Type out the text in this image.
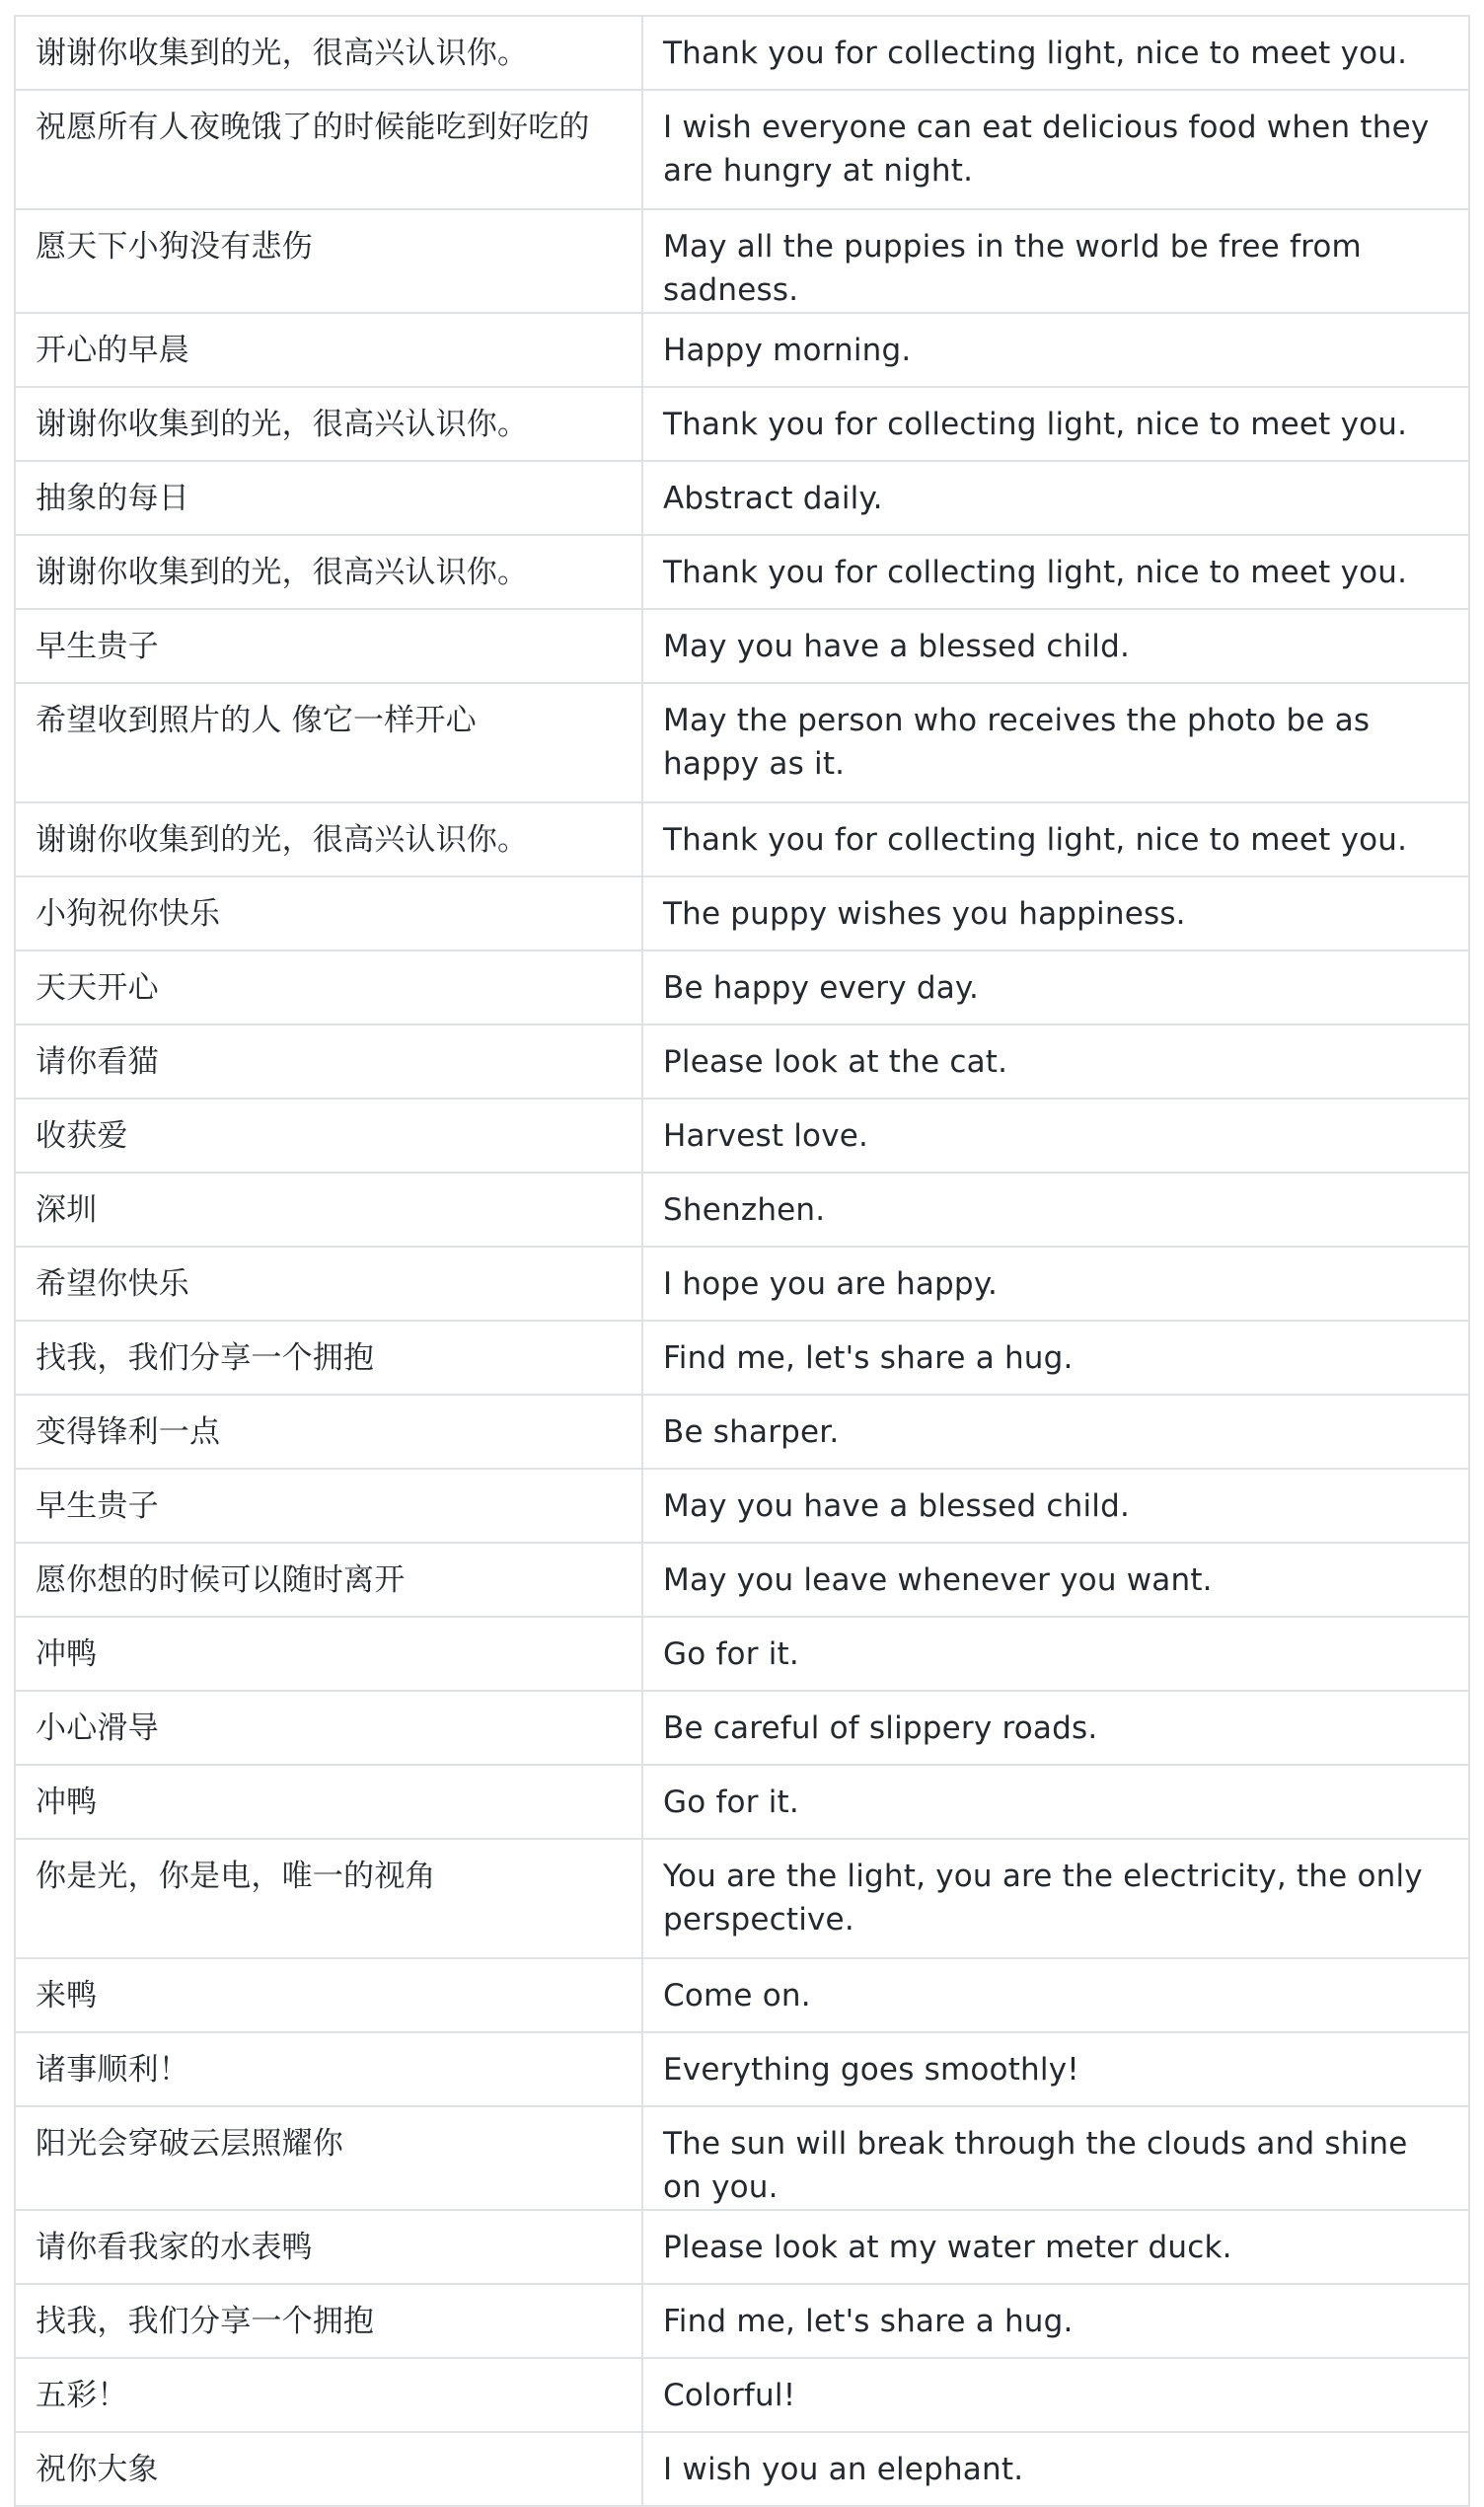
谢谢你收集到的光，很高兴认识你。	Thank you for collecting light, nice to meet you.
祝愿所有人夜晚饿了的时候能吃到好吃的	I wish everyone can eat delicious food when they are hungry at night.
愿天下小狗没有悲伤	May all the puppies in the world be free from sadness.
开心的早晨	Happy morning.
谢谢你收集到的光，很高兴认识你。	Thank you for collecting light, nice to meet you.
抽象的每日	Abstract daily.
谢谢你收集到的光，很高兴认识你。	Thank you for collecting light, nice to meet you.
早生贵子	May you have a blessed child.
希望收到照片的人 像它一样开心	May the person who receives the photo be as happy as it.
谢谢你收集到的光，很高兴认识你。	Thank you for collecting light, nice to meet you.
小狗祝你快乐	The puppy wishes you happiness.
天天开心	Be happy every day.
请你看猫	Please look at the cat.
收获爱	Harvest love.
深圳	Shenzhen.
希望你快乐	I hope you are happy.
找我，我们分享一个拥抱	Find me, let's share a hug.
变得锋利一点	Be sharper.
早生贵子	May you have a blessed child.
愿你想的时候可以随时离开	May you leave whenever you want.
冲鸭	Go for it.
小心滑导	Be careful of slippery roads.
冲鸭	Go for it.
你是光，你是电，唯一的视角	You are the light, you are the electricity, the only perspective.
来鸭	Come on.
诸事顺利！	Everything goes smoothly!
阳光会穿破云层照耀你	The sun will break through the clouds and shine on you.
请你看我家的水表鸭	Please look at my water meter duck.
找我，我们分享一个拥抱	Find me, let's share a hug.
五彩！	Colorful!
祝你大象	I wish you an elephant.
